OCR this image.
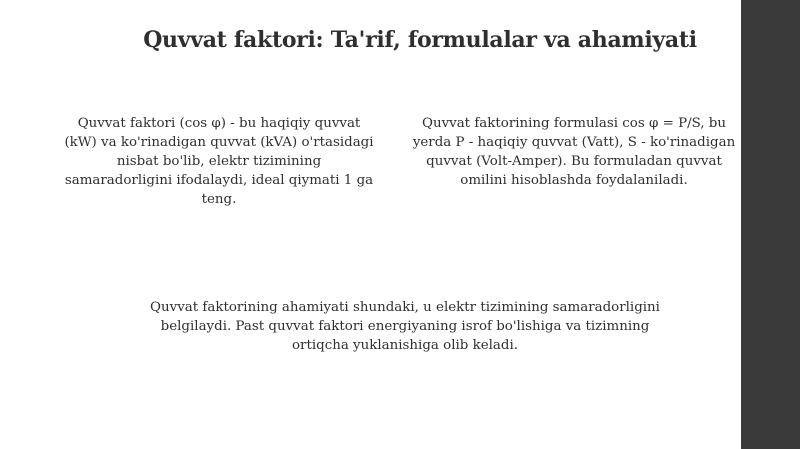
Quvvat faktori: Ta'rif, formulalar va ahamiyati
Quvvat faktori (cos φ) - bu haqiqiy quvvat (kW) va ko'rinadigan quvvat (kVA) o'rtasidagi nisbat bo'lib, elektr tizimining samaradorligini ifodalaydi, ideal qiymati 1 ga teng.
Quvvat faktorining formulasi cos φ = P/S, bu yerda P - haqiqiy quvvat (Vatt), S - ko'rinadigan quvvat (Volt-Amper). Bu formuladan quvvat omilini hisoblashda foydalaniladi.
Quvvat faktorining ahamiyati shundaki, u elektr tizimining samaradorligini belgilaydi. Past quvvat faktori energiyaning isrof bo'lishiga va tizimning ortiqcha yuklanishiga olib keladi.
